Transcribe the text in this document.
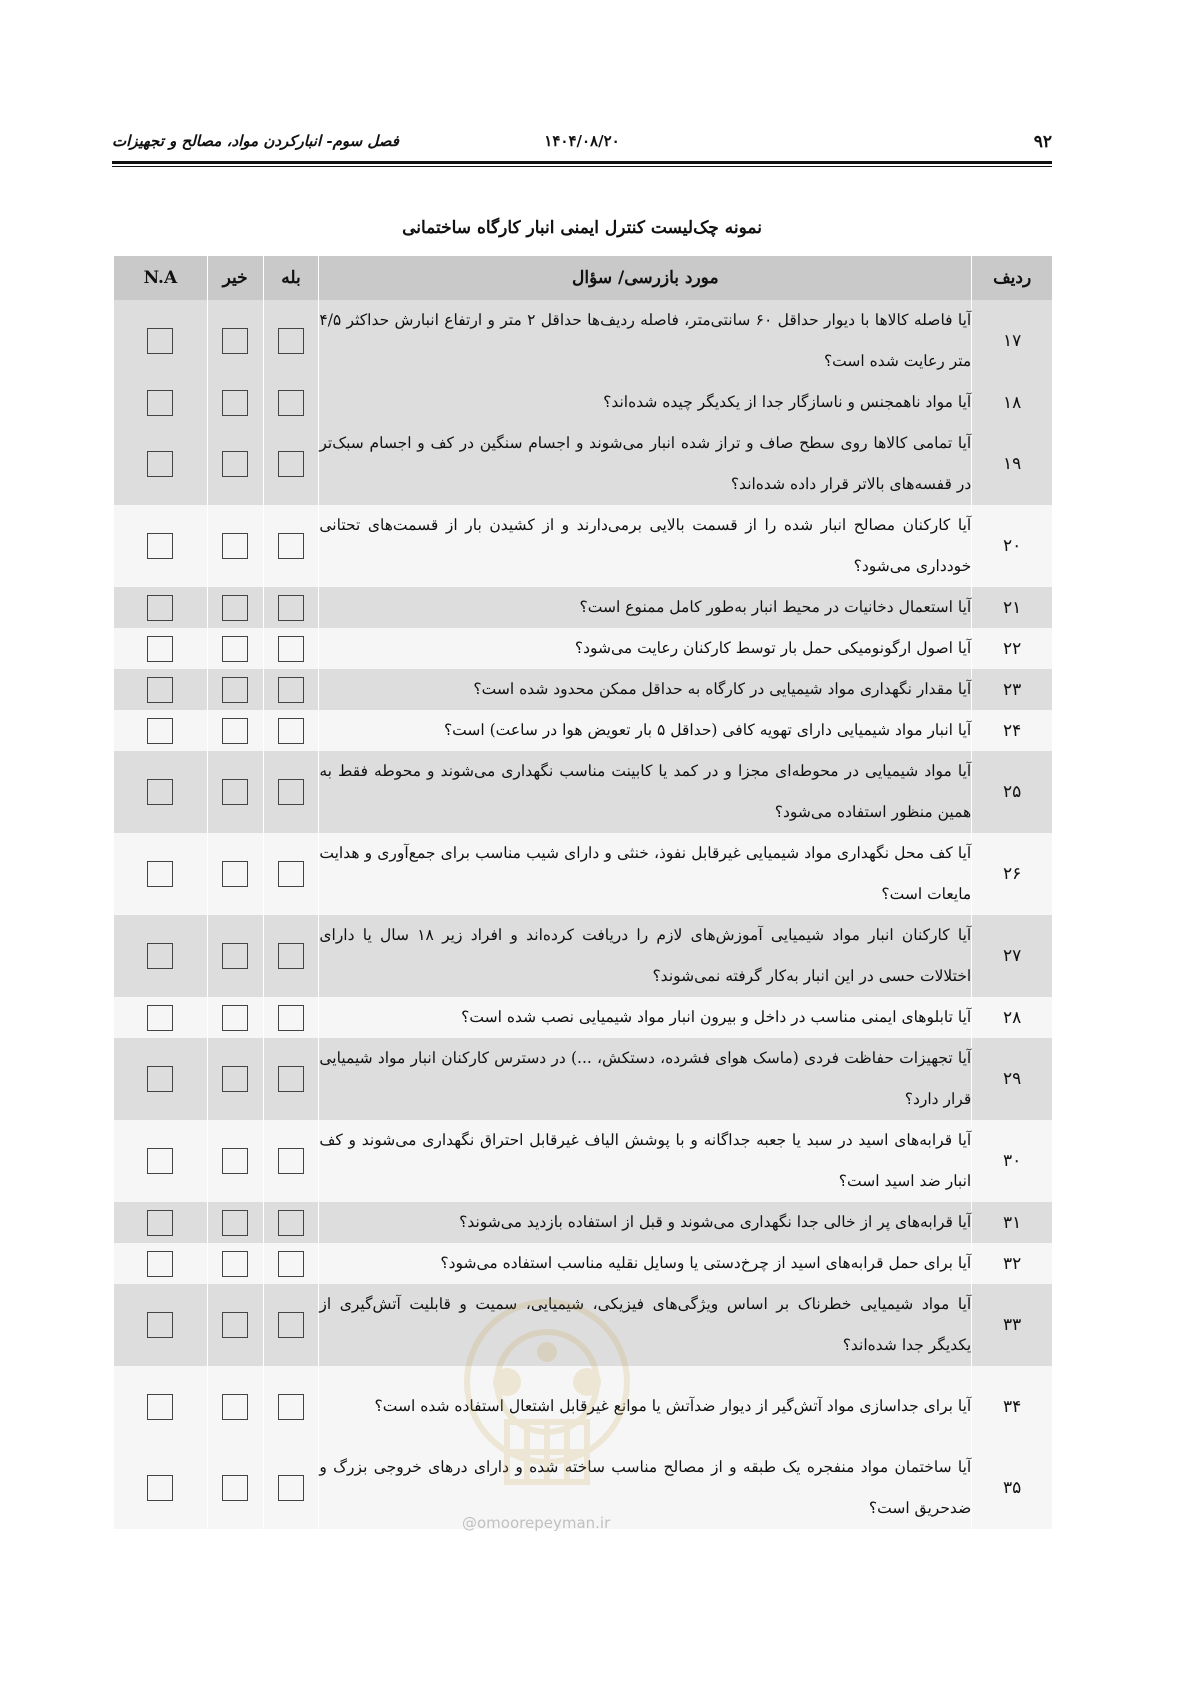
۹۲
۱۴۰۴/۰۸/۲۰
فصل سوم- انبارکردن مواد، مصالح و تجهیزات
نمونه چک‌لیست کنترل ایمنی انبار کارگاه ساختمانی
ردیف	مورد بازرسی/ سؤال	بله	خیر	N.A
۱۷	آیا فاصله کالاها با دیوار حداقل ۶۰ سانتی‌متر، فاصله ردیف‌ها حداقل ۲ متر و ارتفاع انبارش حداکثر ۴/۵ متر رعایت شده است؟			
۱۸	آیا مواد ناهمجنس و ناسازگار جدا از یکدیگر چیده شده‌اند؟			
۱۹	آیا تمامی کالاها روی سطح صاف و تراز شده انبار می‌شوند و اجسام سنگین در کف و اجسام سبک‌تر در قفسه‌های بالاتر قرار داده شده‌اند؟			
۲۰	آیا کارکنان مصالح انبار شده را از قسمت بالایی برمی‌دارند و از کشیدن بار از قسمت‌های تحتانی خودداری می‌شود؟			
۲۱	آیا استعمال دخانیات در محیط انبار به‌طور کامل ممنوع است؟			
۲۲	آیا اصول ارگونومیکی حمل بار توسط کارکنان رعایت می‌شود؟			
۲۳	آیا مقدار نگهداری مواد شیمیایی در کارگاه به حداقل ممکن محدود شده است؟			
۲۴	آیا انبار مواد شیمیایی دارای تهویه کافی (حداقل ۵ بار تعویض هوا در ساعت) است؟			
۲۵	آیا مواد شیمیایی در محوطه‌ای مجزا و در کمد یا کابینت مناسب نگهداری می‌شوند و محوطه فقط به همین منظور استفاده می‌شود؟			
۲۶	آیا کف محل نگهداری مواد شیمیایی غیرقابل نفوذ، خنثی و دارای شیب مناسب برای جمع‌آوری و هدایت مایعات است؟			
۲۷	آیا کارکنان انبار مواد شیمیایی آموزش‌های لازم را دریافت کرده‌اند و افراد زیر ۱۸ سال یا دارای اختلالات حسی در این انبار به‌کار گرفته نمی‌شوند؟			
۲۸	آیا تابلوهای ایمنی مناسب در داخل و بیرون انبار مواد شیمیایی نصب شده است؟			
۲۹	آیا تجهیزات حفاظت فردی (ماسک هوای فشرده، دستکش، ...) در دسترس کارکنان انبار مواد شیمیایی قرار دارد؟			
۳۰	آیا قرابه‌های اسید در سبد یا جعبه جداگانه و با پوشش الیاف غیرقابل احتراق نگهداری می‌شوند و کف انبار ضد اسید است؟			
۳۱	آیا قرابه‌های پر از خالی جدا نگهداری می‌شوند و قبل از استفاده بازدید می‌شوند؟			
۳۲	آیا برای حمل قرابه‌های اسید از چرخ‌دستی یا وسایل نقلیه مناسب استفاده می‌شود؟			
۳۳	آیا مواد شیمیایی خطرناک بر اساس ویژگی‌های فیزیکی، شیمیایی، سمیت و قابلیت آتش‌گیری از یکدیگر جدا شده‌اند؟			
۳۴	آیا برای جداسازی مواد آتش‌گیر از دیوار ضدآتش یا موانع غیرقابل اشتعال استفاده شده است؟			
۳۵	آیا ساختمان مواد منفجره یک طبقه و از مصالح مناسب ساخته شده و دارای درهای خروجی بزرگ و ضدحریق است؟			
@omoorepeyman.ir
